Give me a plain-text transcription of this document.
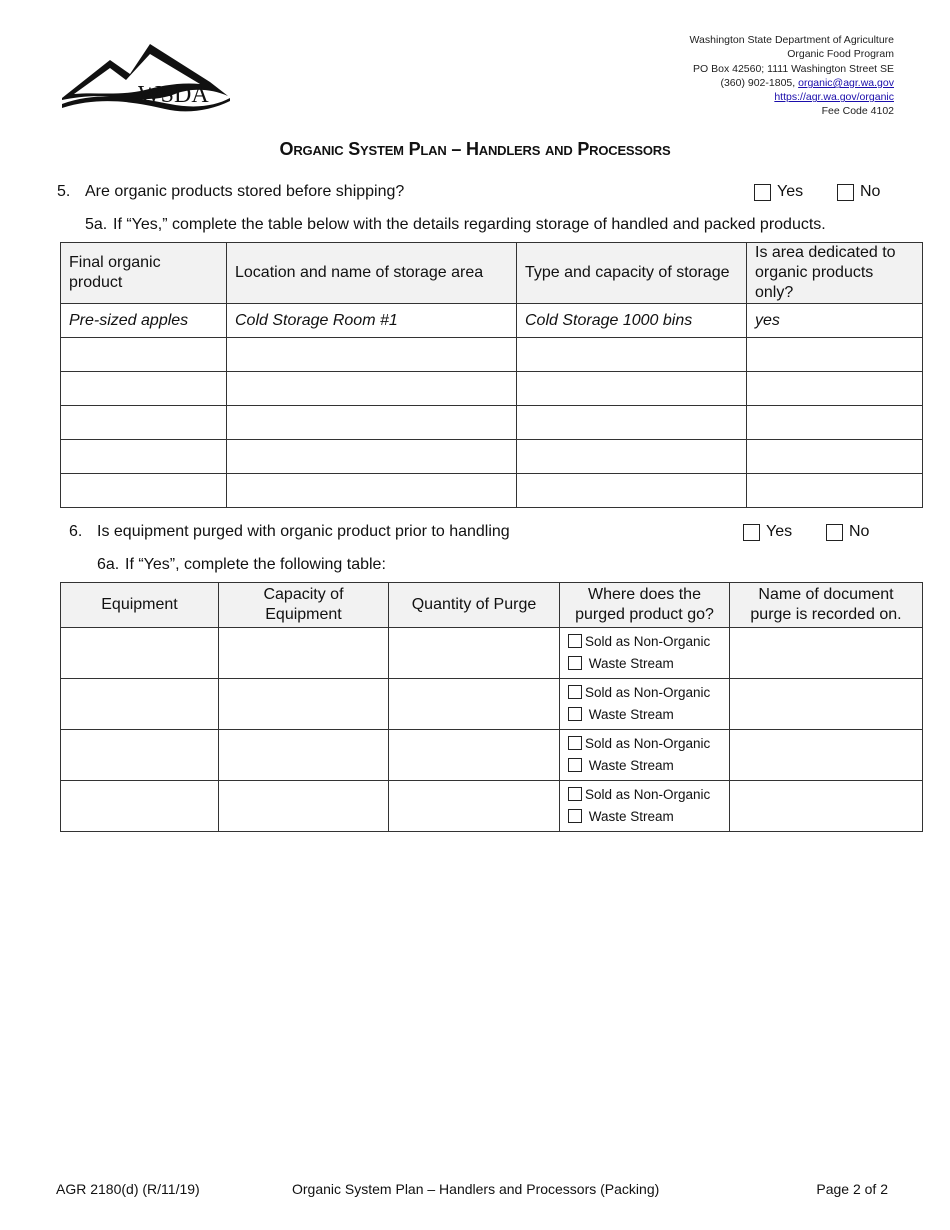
WSDA
Washington State Department of Agriculture
Organic Food Program
PO Box 42560; 1111 Washington Street SE
(360) 902-1805, organic@agr.wa.gov
https://agr.wa.gov/organic
Fee Code 4102
Organic System Plan – Handlers and Processors
5. Are organic products stored before shipping?	Yes	No
5a. If “Yes,” complete the table below with the details regarding storage of handled and packed products.
Final organic product	Location and name of storage area	Type and capacity of storage	Is area dedicated to organic products only?
Pre-sized apples	Cold Storage Room #1	Cold Storage 1000 bins	yes

6. Is equipment purged with organic product prior to handling	Yes	No
6a. If “Yes”, complete the following table:
Equipment	Capacity of Equipment	Quantity of Purge	Where does the purged product go?	Name of document purge is recorded on.

			Sold as Non-Organic
Waste Stream	

			Sold as Non-Organic
Waste Stream	

			Sold as Non-Organic
Waste Stream	

			Sold as Non-Organic
Waste Stream	

AGR 2180(d) (R/11/19)	Organic System Plan – Handlers and Processors (Packing)	Page 2 of 2
